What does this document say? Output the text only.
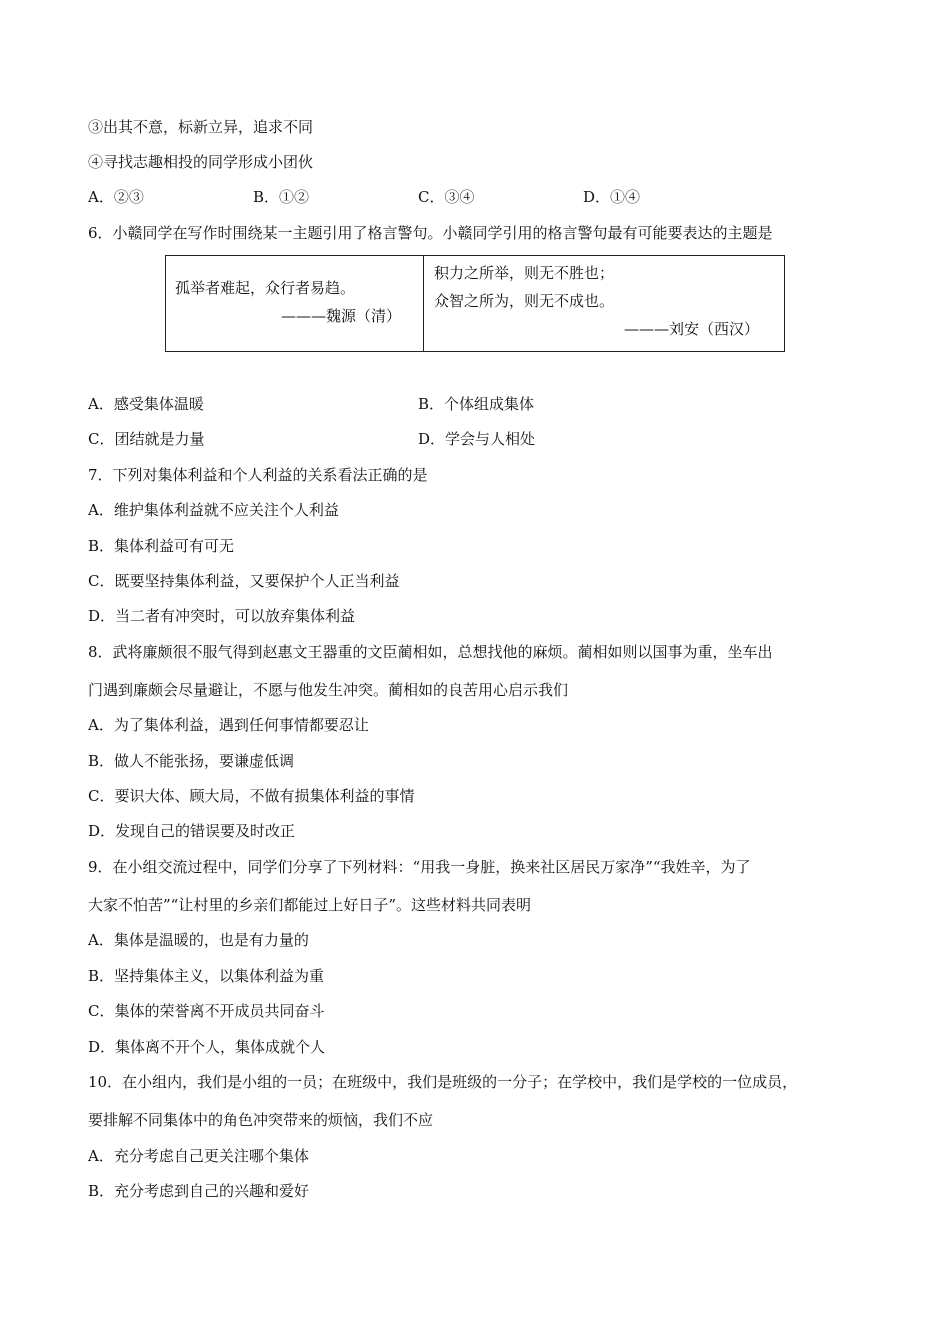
③出其不意，标新立异，追求不同
④寻找志趣相投的同学形成小团伙
A．②③	B．①②	C．③④	D．①④
6．小赣同学在写作时围绕某一主题引用了格言警句。小赣同学引用的格言警句最有可能要表达的主题是
孤举者难起，众行者易趋。
———魏源（清）
积力之所举，则无不胜也；
众智之所为，则无不成也。
———刘安（西汉）
A．感受集体温暖	B．个体组成集体
C．团结就是力量	D．学会与人相处
7．下列对集体利益和个人利益的关系看法正确的是
A．维护集体利益就不应关注个人利益
B．集体利益可有可无
C．既要坚持集体利益，又要保护个人正当利益
D．当二者有冲突时，可以放弃集体利益
8．武将廉颇很不服气得到赵惠文王器重的文臣蔺相如，总想找他的麻烦。蔺相如则以国事为重，坐车出
门遇到廉颇会尽量避让，不愿与他发生冲突。蔺相如的良苦用心启示我们
A．为了集体利益，遇到任何事情都要忍让
B．做人不能张扬，要谦虚低调
C．要识大体、顾大局，不做有损集体利益的事情
D．发现自己的错误要及时改正
9．在小组交流过程中，同学们分享了下列材料：“用我一身脏，换来社区居民万家净”“我姓辛，为了
大家不怕苦”“让村里的乡亲们都能过上好日子”。这些材料共同表明
A．集体是温暖的，也是有力量的
B．坚持集体主义，以集体利益为重
C．集体的荣誉离不开成员共同奋斗
D．集体离不开个人，集体成就个人
10．在小组内，我们是小组的一员；在班级中，我们是班级的一分子；在学校中，我们是学校的一位成员，
要排解不同集体中的角色冲突带来的烦恼，我们不应
A．充分考虑自己更关注哪个集体
B．充分考虑到自己的兴趣和爱好
